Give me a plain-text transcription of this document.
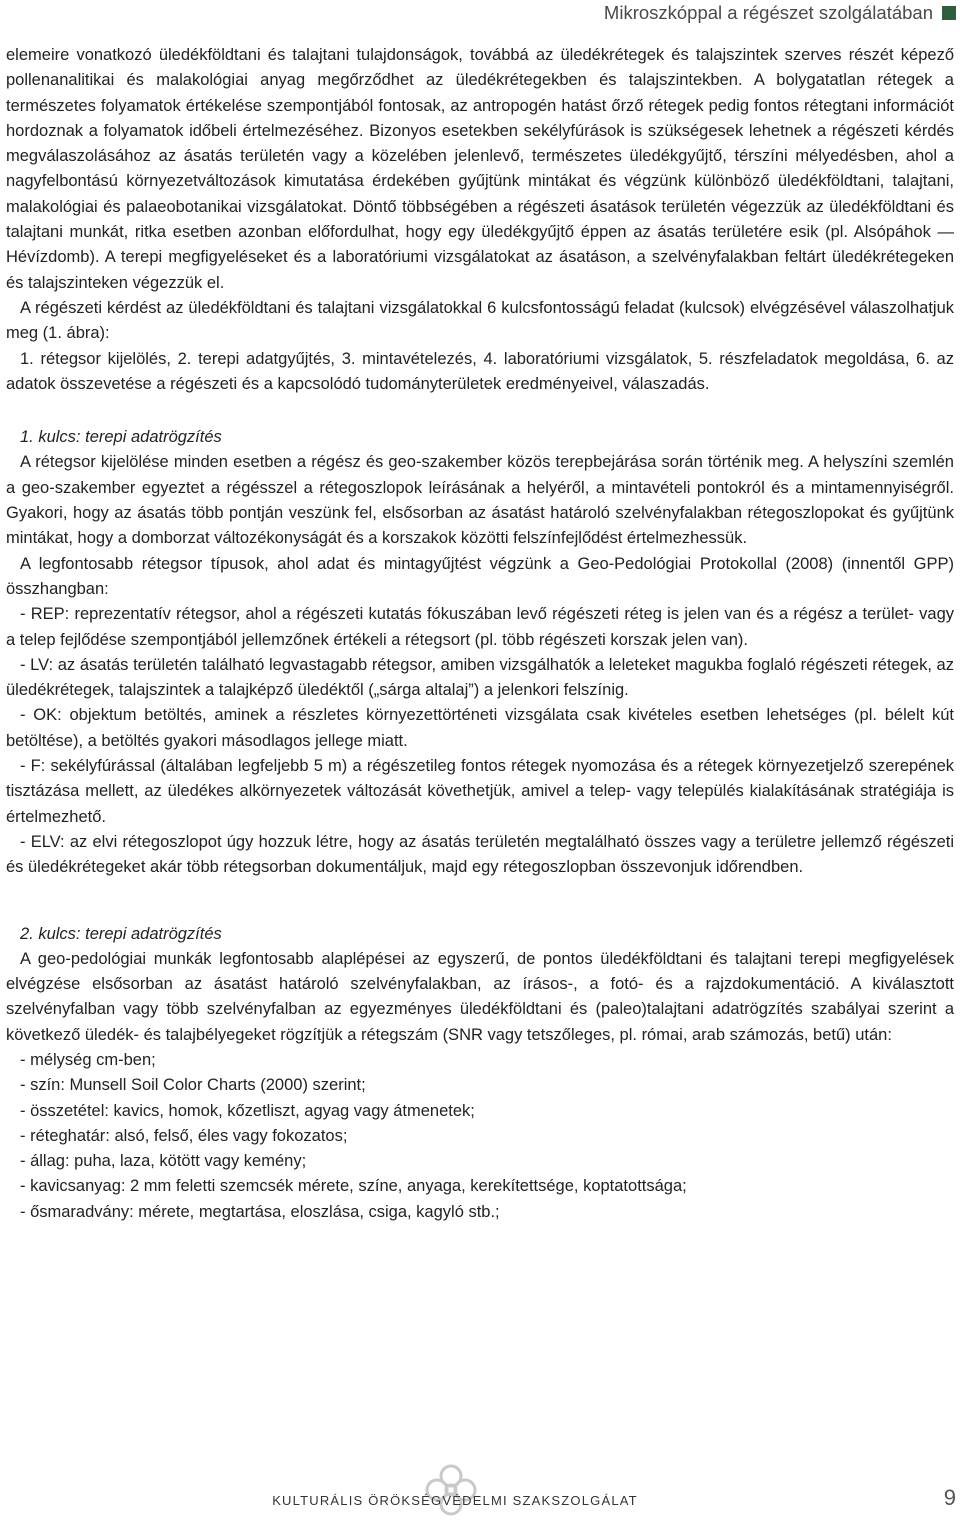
Mikroszkóppal a régészet szolgálatában

elemeire vonatkozó üledékföldtani és talajtani tulajdonságok, továbbá az üledékrétegek és talajszintek szerves részét képező pollenanalitikai és malakológiai anyag megőrződhet az üledékrétegekben és talajszintekben. A bolygatatlan rétegek a természetes folyamatok értékelése szempontjából fontosak, az antropogén hatást őrző rétegek pedig fontos rétegtani információt hordoznak a folyamatok időbeli értelmezéséhez. Bizonyos esetekben sekélyfúrások is szükségesek lehetnek a régészeti kérdés megválaszolásához az ásatás területén vagy a közelében jelenlevő, természetes üledékgyűjtő, térszíni mélyedésben, ahol a nagyfelbontású környezetváltozások kimutatása érdekében gyűjtünk mintákat és végzünk különböző üledékföldtani, talajtani, malakológiai és palaeobotanikai vizsgálatokat. Döntő többségében a régészeti ásatások területén végezzük az üledékföldtani és talajtani munkát, ritka esetben azonban előfordulhat, hogy egy üledékgyűjtő éppen az ásatás területére esik (pl. Alsópáhok — Hévízdomb). A terepi megfigyeléseket és a laboratóriumi vizsgálatokat az ásatáson, a szelvényfalakban feltárt üledékrétegeken és talajszinteken végezzük el.

A régészeti kérdést az üledékföldtani és talajtani vizsgálatokkal 6 kulcsfontosságú feladat (kulcsok) elvégzésével válaszolhatjuk meg (1. ábra):

1. rétegsor kijelölés, 2. terepi adatgyűjtés, 3. mintavételezés, 4. laboratóriumi vizsgálatok, 5. részfeladatok megoldása, 6. az adatok összevetése a régészeti és a kapcsolódó tudományterületek eredményeivel, válaszadás.

1. kulcs: terepi adatrögzítés

A rétegsor kijelölése minden esetben a régész és geo-szakember közös terepbejárása során történik meg. A helyszíni szemlén a geo-szakember egyeztet a régésszel a rétegoszlopok leírásának a helyéről, a mintavételi pontokról és a mintamennyiségről. Gyakori, hogy az ásatás több pontján veszünk fel, elsősorban az ásatást határoló szelvényfalakban rétegoszlopokat és gyűjtünk mintákat, hogy a domborzat változékonyságát és a korszakok közötti felszínfejlődést értelmezhessük.

A legfontosabb rétegsor típusok, ahol adat és mintagyűjtést végzünk a Geo-Pedológiai Protokollal (2008) (innentől GPP) összhangban:

- REP: reprezentatív rétegsor, ahol a régészeti kutatás fókuszában levő régészeti réteg is jelen van és a régész a terület- vagy a telep fejlődése szempontjából jellemzőnek értékeli a rétegsort (pl. több régészeti korszak jelen van).

- LV: az ásatás területén található legvastagabb rétegsor, amiben vizsgálhatók a leleteket magukba foglaló régészeti rétegek, az üledékrétegek, talajszintek a talajképző üledéktől („sárga altalaj”) a jelenkori felszínig.

- OK: objektum betöltés, aminek a részletes környezettörténeti vizsgálata csak kivételes esetben lehetséges (pl. bélelt kút betöltése), a betöltés gyakori másodlagos jellege miatt.

- F: sekélyfúrással (általában legfeljebb 5 m) a régészetileg fontos rétegek nyomozása és a rétegek környezetjelző szerepének tisztázása mellett, az üledékes alkörnyezetek változását követhetjük, amivel a telep- vagy település kialakításának stratégiája is értelmezhető.

- ELV: az elvi rétegoszlopot úgy hozzuk létre, hogy az ásatás területén megtalálható összes vagy a területre jellemző régészeti és üledékrétegeket akár több rétegsorban dokumentáljuk, majd egy rétegoszlopban összevonjuk időrendben.

2. kulcs: terepi adatrögzítés

A geo-pedológiai munkák legfontosabb alaplépései az egyszerű, de pontos üledékföldtani és talajtani terepi megfigyelések elvégzése elsősorban az ásatást határoló szelvényfalakban, az írásos-, a fotó- és a rajzdokumentáció. A kiválasztott szelvényfalban vagy több szelvényfalban az egyezményes üledékföldtani és (paleo)talajtani adatrögzítés szabályai szerint a következő üledék- és talajbélyegeket rögzítjük a rétegszám (SNR vagy tetszőleges, pl. római, arab számozás, betű) után:

- mélység cm-ben;

- szín: Munsell Soil Color Charts (2000) szerint;

- összetétel: kavics, homok, kőzetliszt, agyag vagy átmenetek;

- réteghatár: alsó, felső, éles vagy fokozatos;

- állag: puha, laza, kötött vagy kemény;

- kavicsanyag: 2 mm feletti szemcsék mérete, színe, anyaga, kerekítettsége, koptatottsága;

- ősmaradvány: mérete, megtartása, eloszlása, csiga, kagyló stb.;

KULTURÁLIS ÖRÖKSÉGVÉDELMI SZAKSZOLGÁLAT	9
